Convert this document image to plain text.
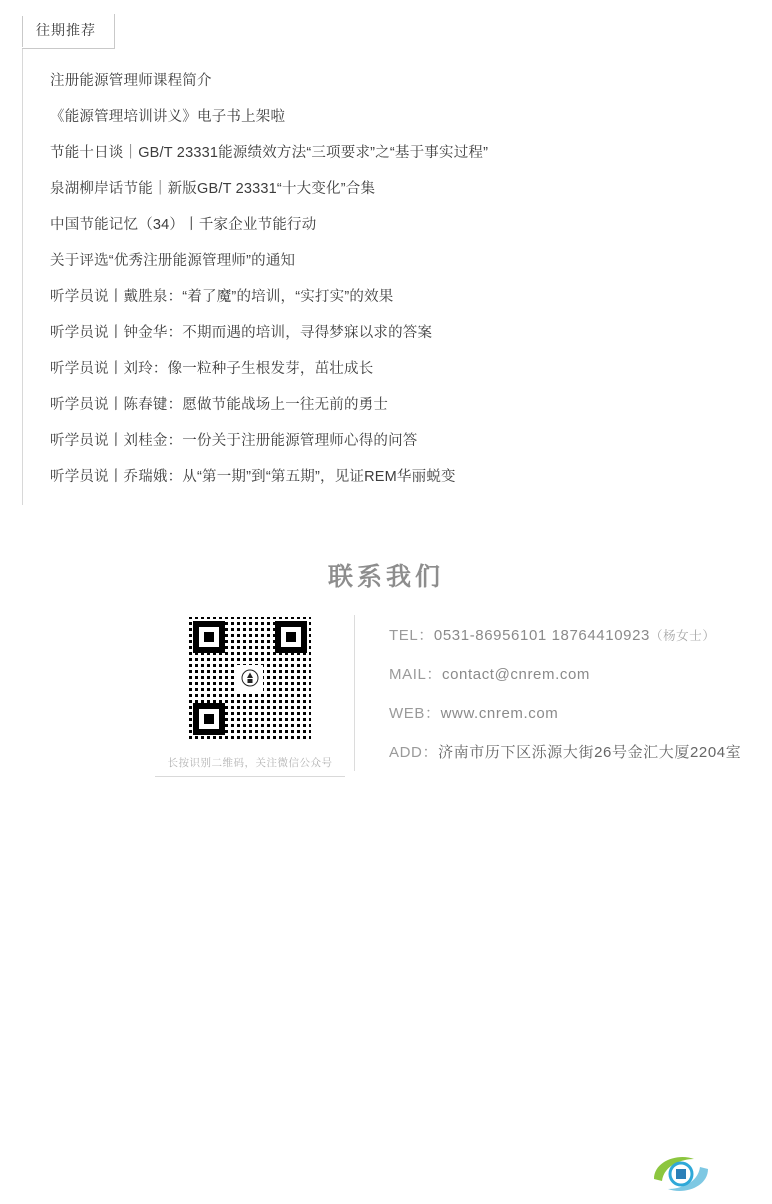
往期推荐
注册能源管理师课程简介
《能源管理培训讲义》电子书上架啦
节能十日谈｜GB/T 23331能源绩效方法“三项要求”之“基于事实过程”
泉湖柳岸话节能｜新版GB/T 23331“十大变化”合集
中国节能记忆（34）丨千家企业节能行动
关于评选“优秀注册能源管理师”的通知
听学员说丨戴胜泉：“着了魔”的培训，“实打实”的效果
听学员说丨钟金华：不期而遇的培训，寻得梦寐以求的答案
听学员说丨刘玲：像一粒种子生根发芽，茁壮成长
听学员说丨陈春键：愿做节能战场上一往无前的勇士
听学员说丨刘桂金：一份关于注册能源管理师心得的问答
听学员说丨乔瑞娥：从“第一期”到“第五期”，见证REM华丽蜕变
联系我们
长按识别二维码，关注微信公众号
TEL：0531-86956101 18764410923（杨女士）
MAIL：contact@cnrem.com
WEB：www.cnrem.com
ADD：济南市历下区泺源大街26号金汇大厦2204室
